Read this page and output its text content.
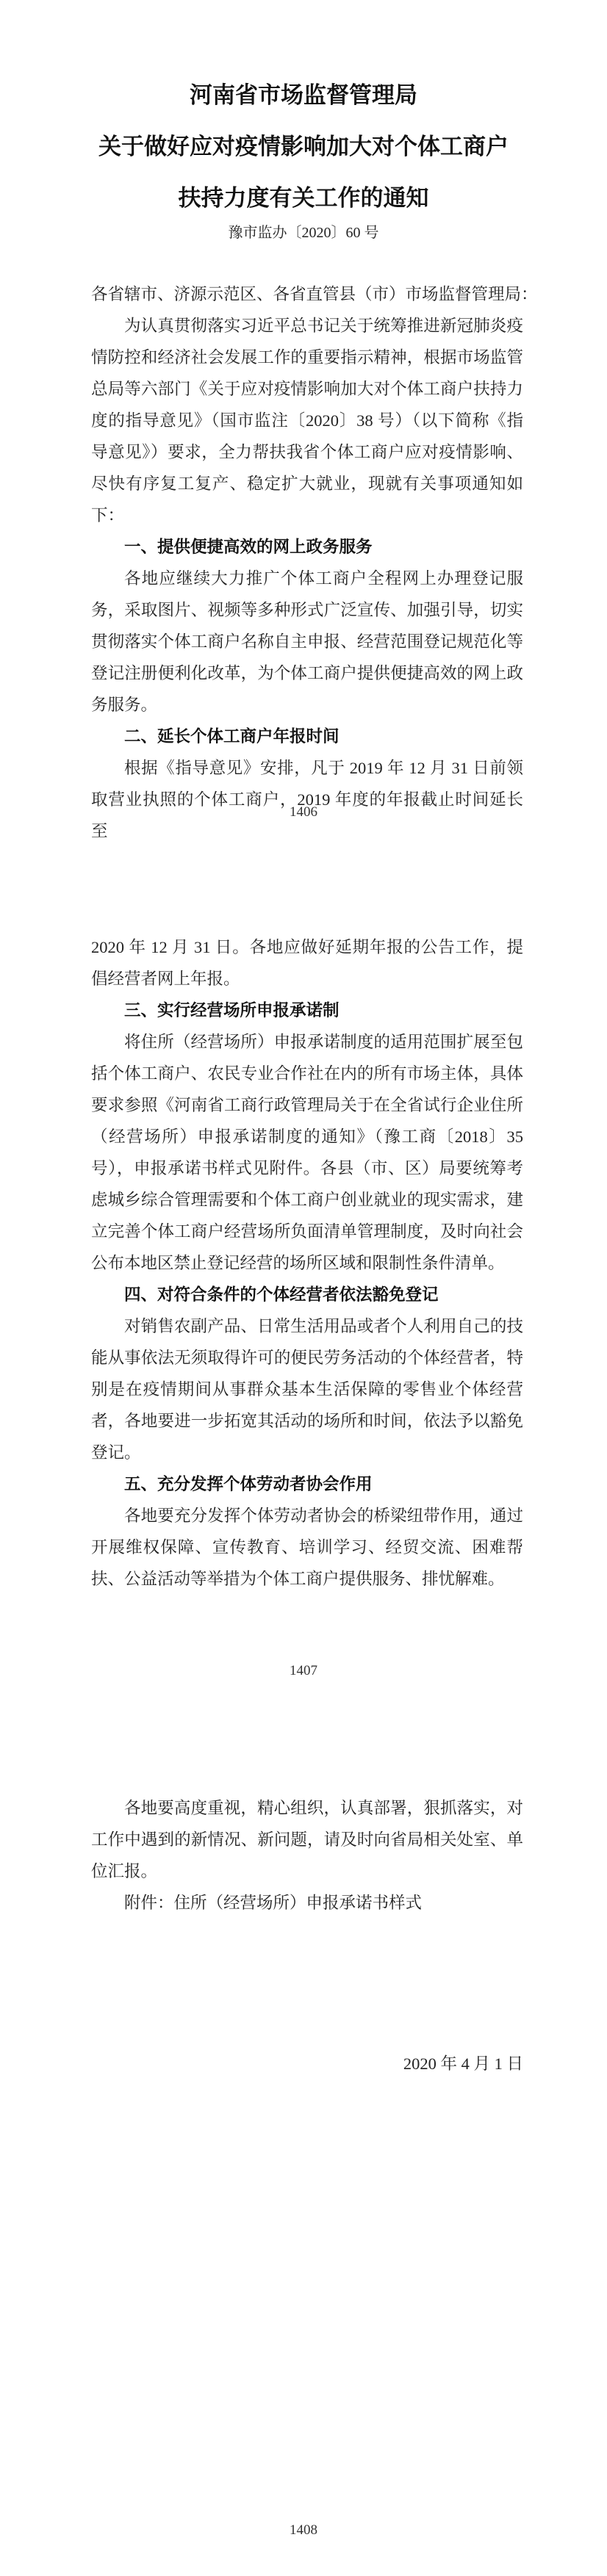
河南省市场监督管理局
关于做好应对疫情影响加大对个体工商户
扶持力度有关工作的通知
豫市监办〔2020〕60 号

各省辖市、济源示范区、各省直管县（市）市场监督管理局：

为认真贯彻落实习近平总书记关于统筹推进新冠肺炎疫情防控和经济社会发展工作的重要指示精神，根据市场监管总局等六部门《关于应对疫情影响加大对个体工商户扶持力度的指导意见》（国市监注〔2020〕38 号）（以下简称《指导意见》）要求，全力帮扶我省个体工商户应对疫情影响、尽快有序复工复产、稳定扩大就业，现就有关事项通知如下：

一、提供便捷高效的网上政务服务

各地应继续大力推广个体工商户全程网上办理登记服务，采取图片、视频等多种形式广泛宣传、加强引导，切实贯彻落实个体工商户名称自主申报、经营范围登记规范化等登记注册便利化改革，为个体工商户提供便捷高效的网上政务服务。

二、延长个体工商户年报时间

根据《指导意见》安排，凡于 2019 年 12 月 31 日前领取营业执照的个体工商户，2019 年度的年报截止时间延长至

1406

2020 年 12 月 31 日。各地应做好延期年报的公告工作，提倡经营者网上年报。

三、实行经营场所申报承诺制

将住所（经营场所）申报承诺制度的适用范围扩展至包括个体工商户、农民专业合作社在内的所有市场主体，具体要求参照《河南省工商行政管理局关于在全省试行企业住所（经营场所）申报承诺制度的通知》（豫工商〔2018〕35 号），申报承诺书样式见附件。各县（市、区）局要统筹考虑城乡综合管理需要和个体工商户创业就业的现实需求，建立完善个体工商户经营场所负面清单管理制度，及时向社会公布本地区禁止登记经营的场所区域和限制性条件清单。

四、对符合条件的个体经营者依法豁免登记

对销售农副产品、日常生活用品或者个人利用自己的技能从事依法无须取得许可的便民劳务活动的个体经营者，特别是在疫情期间从事群众基本生活保障的零售业个体经营者，各地要进一步拓宽其活动的场所和时间，依法予以豁免登记。

五、充分发挥个体劳动者协会作用

各地要充分发挥个体劳动者协会的桥梁纽带作用，通过开展维权保障、宣传教育、培训学习、经贸交流、困难帮扶、公益活动等举措为个体工商户提供服务、排忧解难。

1407

各地要高度重视，精心组织，认真部署，狠抓落实，对工作中遇到的新情况、新问题，请及时向省局相关处室、单位汇报。

附件：住所（经营场所）申报承诺书样式

2020 年 4 月 1 日
1408
